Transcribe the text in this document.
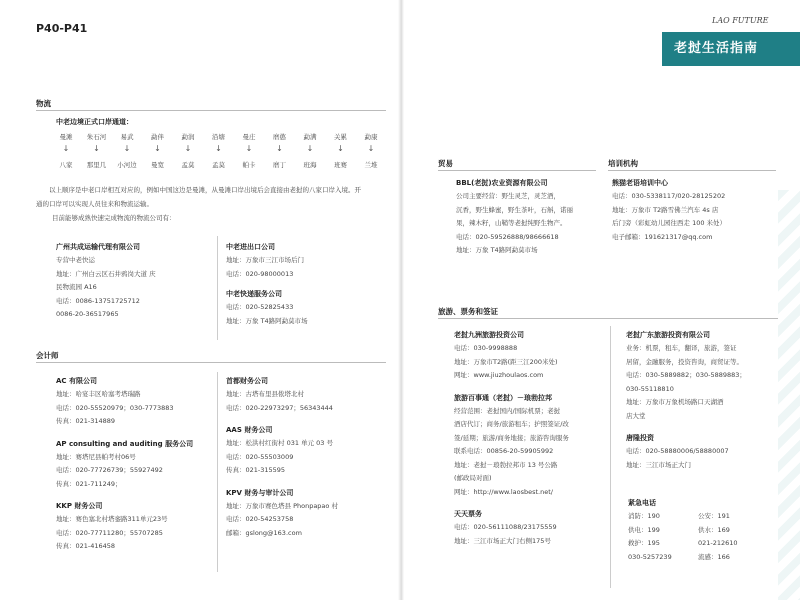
P40-P41
LAO FUTURE
老挝生活指南
物流
中老边境正式口岸通道：
曼滩
↓
八家
朱石河
↓
那里几
易武
↓
小河边
勐伴
↓
曼宽
勐润
↓
孟莫
沿塘
↓
孟莫
曼庄
↓
帕卡
磨憨
↓
磨丁
勐满
↓
班海
关累
↓
班赛
勐康
↓
兰堆
以上顺序是中老口岸相互对应的，例如中国这边是曼滩，从曼滩口岸出境后会直接由老挝的八家口岸入境。开通的口岸可以实现人员往来和物流运输。
目前能够成熟快速完成物流的物流公司有：
广州共成运输代理有限公司
专营中老快运
地址：广州白云区石井鸦岗大道 庆
民物流园 A16
电话：0086-13751725712
0086-20-36517965
中老进出口公司
地址：万象市三江市场后门
电话：020-98000013
中老快递服务公司
电话：020-52825433
地址：万象 T4路阿勐莫市场
会计师
AC 有限公司
地址：哈宴丰区哈塞考塔瑞路
电话：020-55520979；030-7773883
传真：021-314889
AP consulting and auditing 服务公司
地址：赛塔尼县帕考村06号
电话：020-77726739；55927492
传真：021-711249；
KKP 财务公司
地址：赛色塞北村塔銮路311单元23号
电话：020-77711280；55707285
传真：021-416458
首都财务公司
地址：古塔布里县侬塔北村
电话：020-22973297；56343444
AAS 财务公司
地址：松洪村红街村 031 单元 03 号
电话：020-55503009
传真：021-315595
KPV 财务与审计公司
地址：万象市赛色塔县 Phonpapao 村
电话：020-54253758
邮箱：gslong@163.com
贸易	培训机构
BBL(老挝)农业资源有限公司
公司主要经营：野生灵芝，灵芝酒，
沉香，野生蜂蜜，野生茶叶，石斛，诺丽
果，辣木籽，山鞘等老挝纯野生物产。
电话：020-59526888/98666618
地址：万象 T4路阿勐莫市场
熊猫老语培训中心
电话：030-5338117/020-28125202
地址：万象市 T2路雪佛兰汽车 4s 店
后门旁（彩虹幼儿园往西走 100 米处）
电子邮箱：191621317@qq.com
旅游、票务和签证
老挝九洲旅游投资公司
电话：030-9998888
地址：万象市T2路(距三江200米处)
网址：www.jiuzhoulaos.com
旅游百事通（老挝）－琅勃拉邦
经营范围：老挝国内/国际机票；老挝
酒店代订；商务/旅游租车；护照签证/改
签/延期；旅游/商务地接；旅游咨询服务
联系电话：00856-20-59905992
地址：老挝－琅勃拉邦市 13 号公路
(邮政局对面)
网址：http://www.laosbest.net/
天天票务
电话：020-56111088/23175559
地址：三江市场正大门右侧175号
老挝广东旅游投资有限公司
业务：机票，租车，翻译，旅游，签证
居留，金融服务，投资咨询，商贸证等。
电话：030-5889882；030-5889883；
030-55118810
地址：万象市万象机场路口天湖酒
店大堂
唐隆投资
电话：020-58880006/58880007
地址：三江市场正大门
紧急电话
消防：190	公安：191
供电：199	供水：169
救护：195	021-212610
030-5257239	流感：166
